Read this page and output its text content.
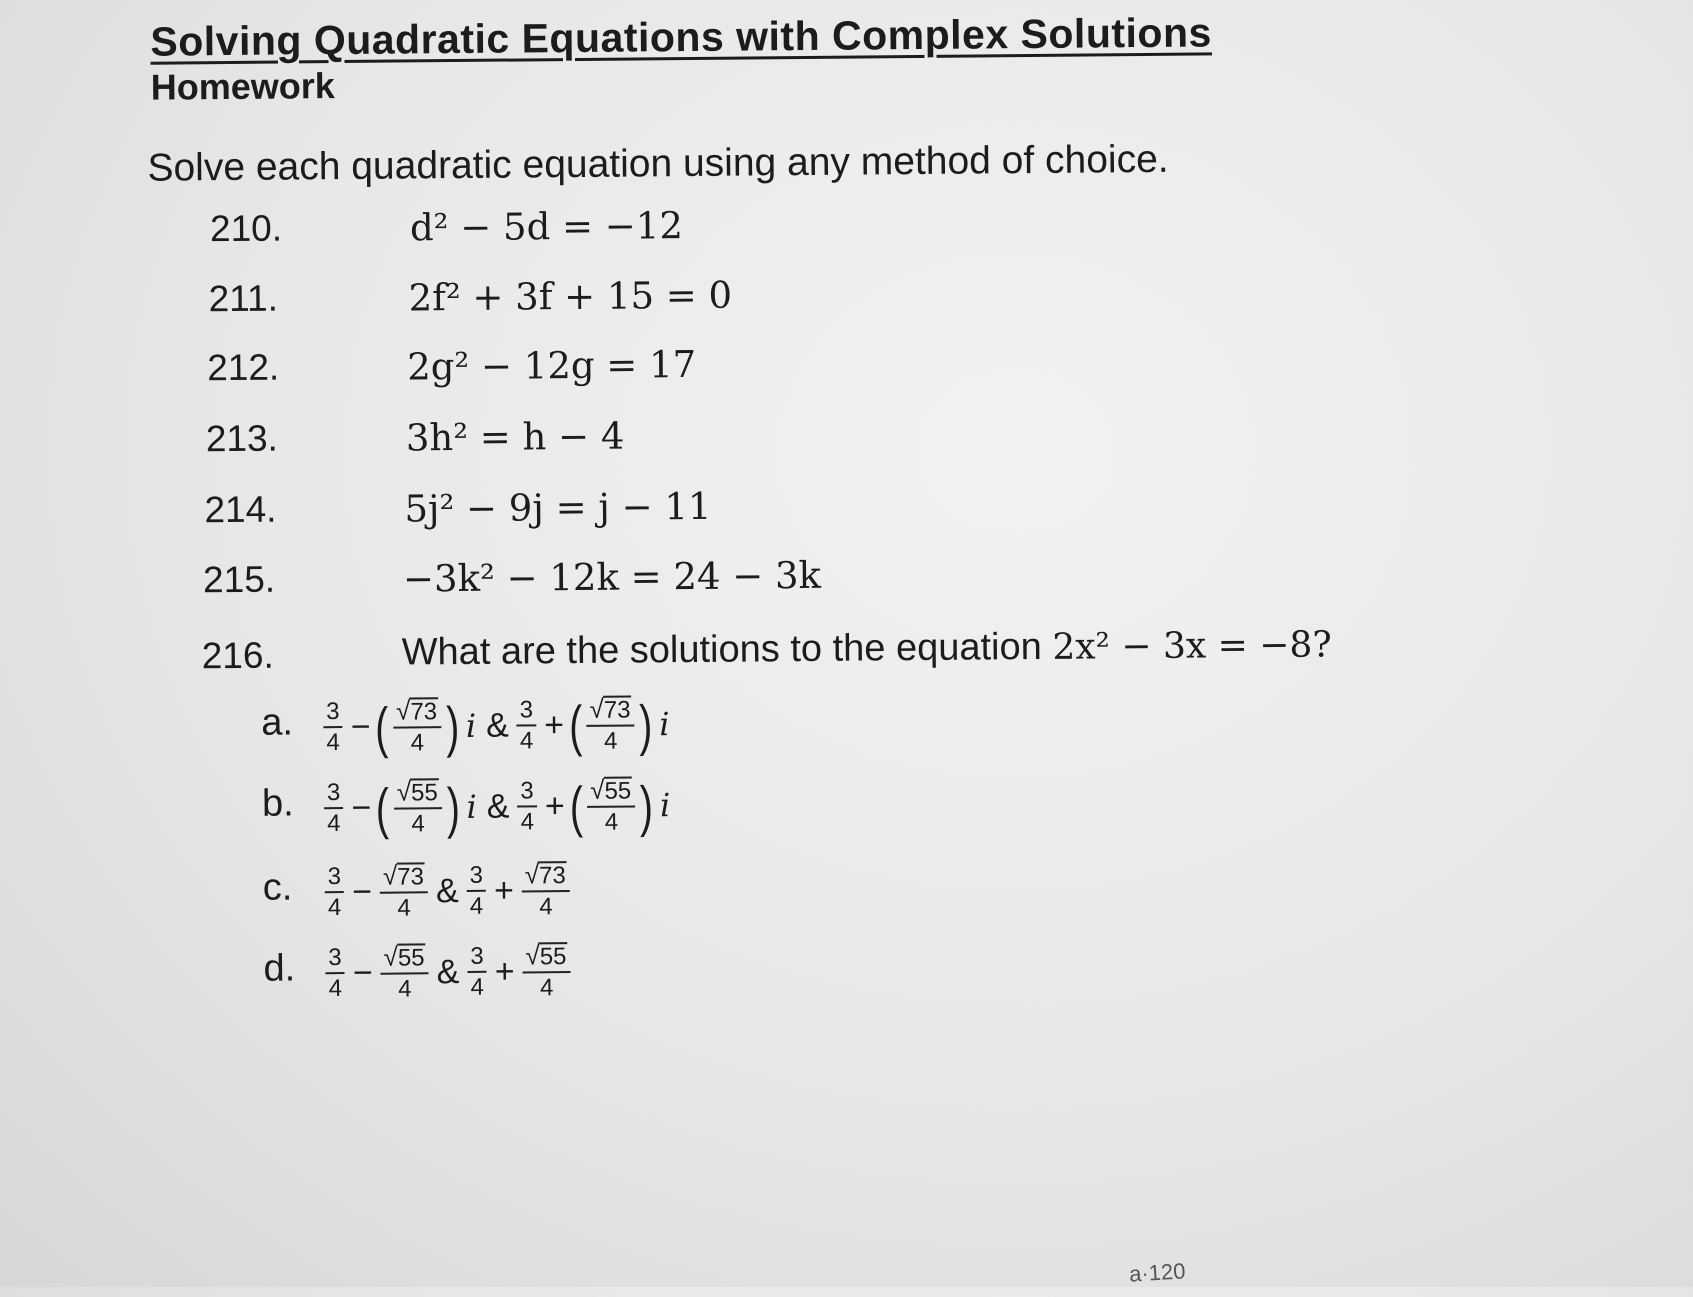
Solving Quadratic Equations with Complex Solutions
Homework
Solve each quadratic equation using any method of choice.
210.	d² − 5d = −12
211.	2f² + 3f + 15 = 0
212.	2g² − 12g = 17
213.	3h² = h − 4
214.	5j² − 9j = j − 11
215.	−3k² − 12k = 24 − 3k
216.	What are the solutions to the equation 2x² − 3x = −8?
a. $\frac{3}{4}$ − ( $\frac{√ 73}{4}$ ) i & $\frac{3}{4}$ + ( $\frac{√ 73}{4}$ ) i
b. $\frac{3}{4}$ − ( $\frac{√ 55}{4}$ ) i & $\frac{3}{4}$ + ( $\frac{√ 55}{4}$ ) i
c. $\frac{3}{4} - \frac{√ 73}{4}$ & $\frac{3}{4} + \frac{√ 73}{4}$
d. $\frac{3}{4} - \frac{√ 55}{4}$ & $\frac{3}{4} + \frac{√ 55}{4}$
a·120
